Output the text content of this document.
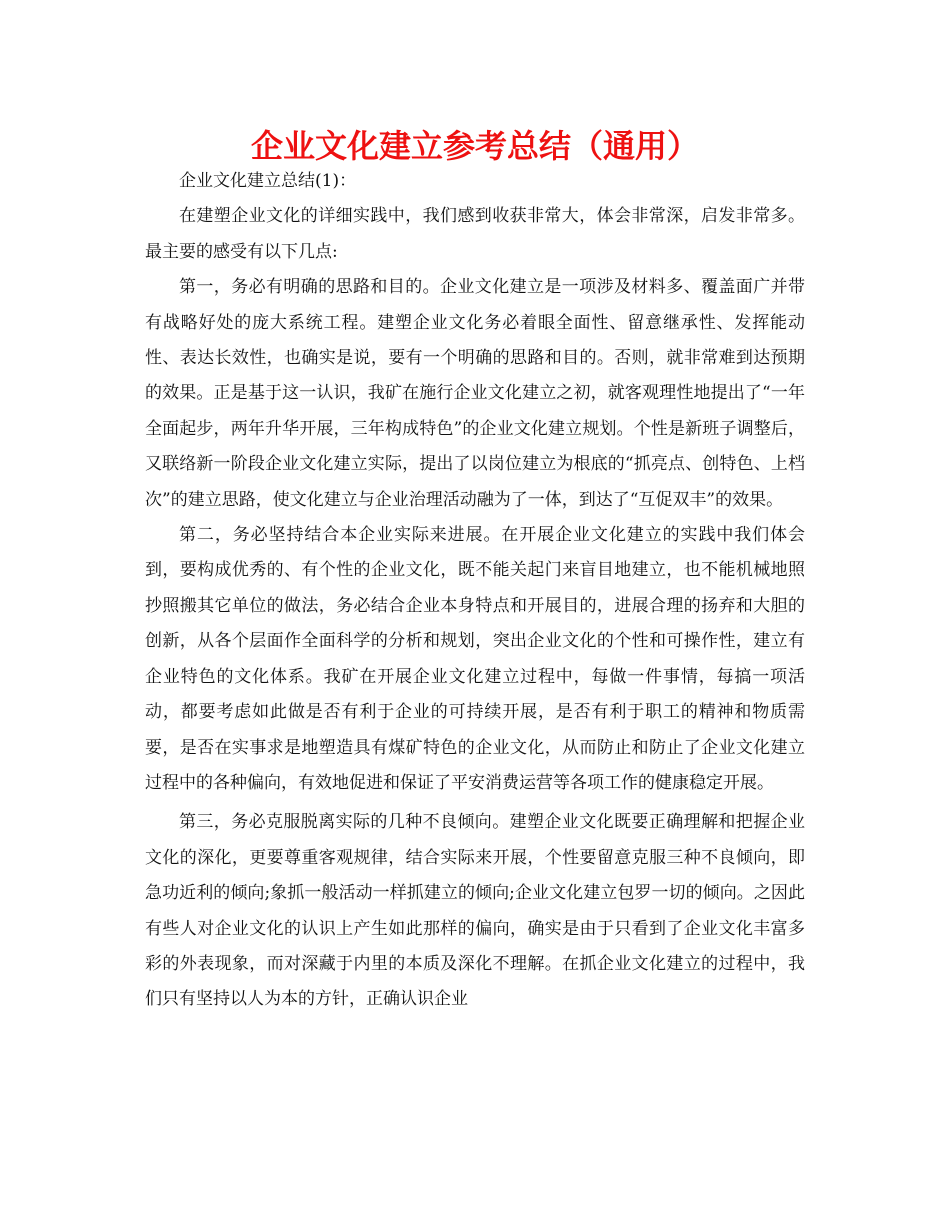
企业文化建立参考总结（通用）

企业文化建立总结(1)：

在建塑企业文化的详细实践中，我们感到收获非常大，体会非常深，启发非常多。最主要的感受有以下几点:

第一，务必有明确的思路和目的。企业文化建立是一项涉及材料多、覆盖面广并带有战略好处的庞大系统工程。建塑企业文化务必着眼全面性、留意继承性、发挥能动性、表达长效性，也确实是说，要有一个明确的思路和目的。否则，就非常难到达预期的效果。正是基于这一认识，我矿在施行企业文化建立之初，就客观理性地提出了“一年全面起步，两年升华开展，三年构成特色”的企业文化建立规划。个性是新班子调整后，又联络新一阶段企业文化建立实际，提出了以岗位建立为根底的“抓亮点、创特色、上档次”的建立思路，使文化建立与企业治理活动融为了一体，到达了“互促双丰”的效果。

第二，务必坚持结合本企业实际来进展。在开展企业文化建立的实践中我们体会到，要构成优秀的、有个性的企业文化，既不能关起门来盲目地建立，也不能机械地照抄照搬其它单位的做法，务必结合企业本身特点和开展目的，进展合理的扬弃和大胆的创新，从各个层面作全面科学的分析和规划，突出企业文化的个性和可操作性，建立有企业特色的文化体系。我矿在开展企业文化建立过程中，每做一件事情，每搞一项活动，都要考虑如此做是否有利于企业的可持续开展，是否有利于职工的精神和物质需要，是否在实事求是地塑造具有煤矿特色的企业文化，从而防止和防止了企业文化建立过程中的各种偏向，有效地促进和保证了平安消费运营等各项工作的健康稳定开展。

第三，务必克服脱离实际的几种不良倾向。建塑企业文化既要正确理解和把握企业文化的深化，更要尊重客观规律，结合实际来开展，个性要留意克服三种不良倾向，即急功近利的倾向;象抓一般活动一样抓建立的倾向;企业文化建立包罗一切的倾向。之因此有些人对企业文化的认识上产生如此那样的偏向，确实是由于只看到了企业文化丰富多彩的外表现象，而对深藏于内里的本质及深化不理解。在抓企业文化建立的过程中，我们只有坚持以人为本的方针，正确认识企业
